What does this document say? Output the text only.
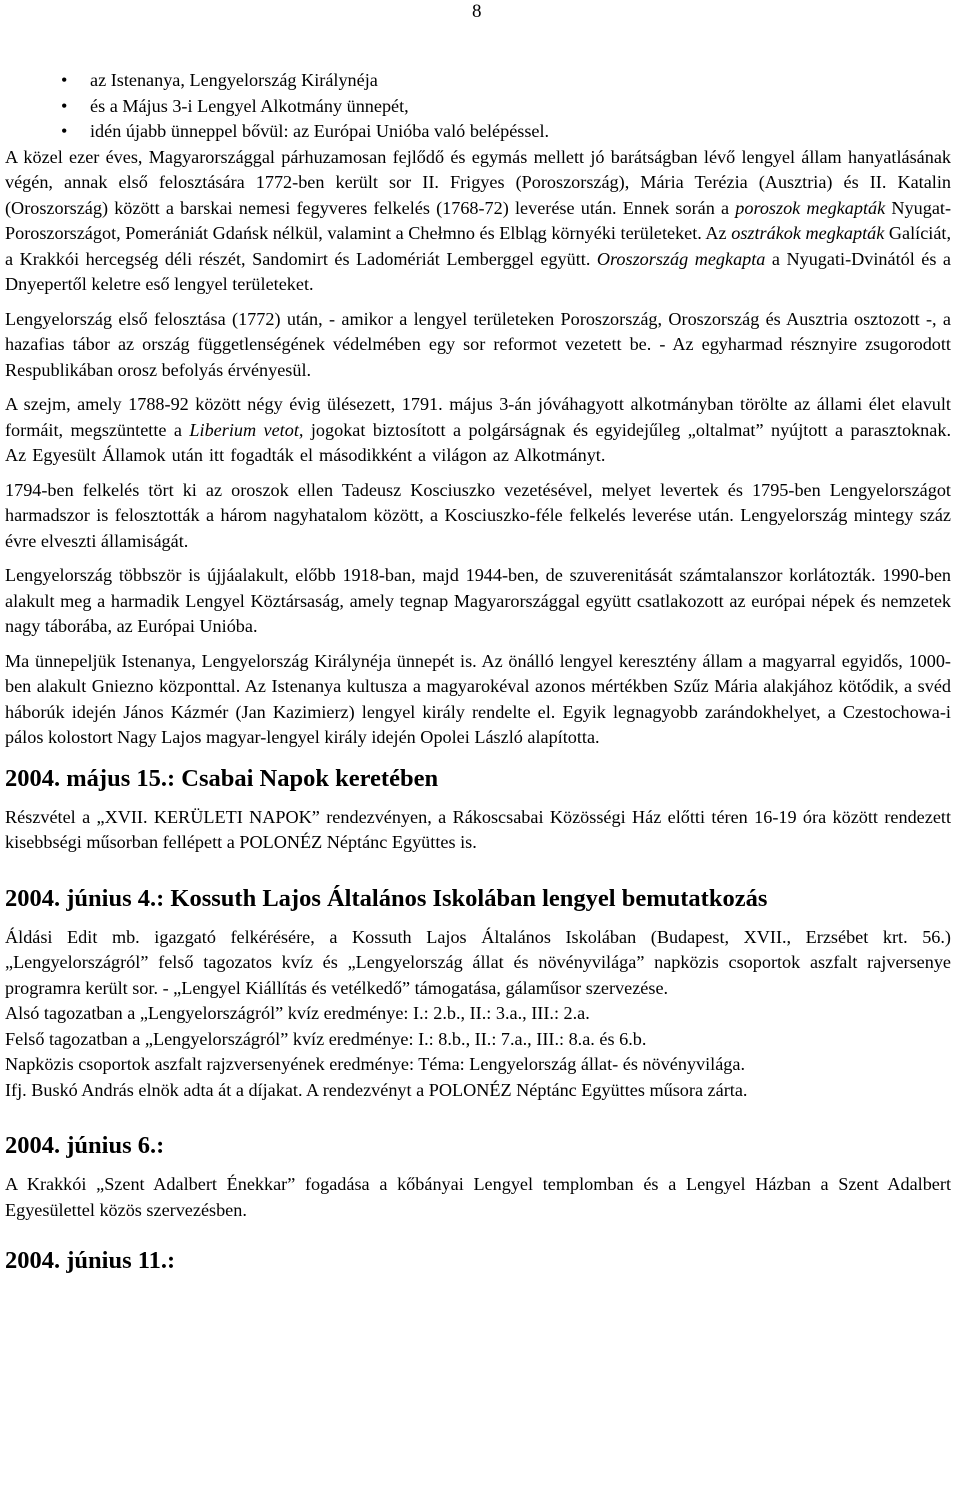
8
• az Istenanya, Lengyelország Királynéja
• és a Május 3-i Lengyel Alkotmány ünnepét,
• idén újabb ünneppel bővül: az Európai Unióba való belépéssel.

A közel ezer éves, Magyarországgal párhuzamosan fejlődő és egymás mellett jó barátságban lévő lengyel állam hanyatlásának végén, annak első felosztására 1772-ben került sor II. Frigyes (Poroszország), Mária Terézia (Ausztria) és II. Katalin (Oroszország) között a barskai nemesi fegyveres felkelés (1768-72) leverése után. Ennek során a poroszok megkapták Nyugat-Poroszországot, Pomerániát Gdańsk nélkül, valamint a Chełmno és Elbląg környéki területeket. Az osztrákok megkapták Galíciát, a Krakkói hercegség déli részét, Sandomirt és Ladomériát Lemberggel együtt. Oroszország megkapta a Nyugati-Dvinától és a Dnyepertől keletre eső lengyel területeket.

Lengyelország első felosztása (1772) után, - amikor a lengyel területeken Poroszország, Oroszország és Ausztria osztozott -, a hazafias tábor az ország függetlenségének védelmében egy sor reformot vezetett be. - Az egyharmad résznyire zsugorodott Respublikában orosz befolyás érvényesül.

A szejm, amely 1788-92 között négy évig ülésezett, 1791. május 3-án jóváhagyott alkotmányban törölte az állami élet elavult formáit, megszüntette a Liberium vetot, jogokat biztosított a polgárságnak és egyidejűleg „oltalmat” nyújtott a parasztoknak. Az Egyesült Államok után itt fogadták el másodikként a világon az Alkotmányt.

1794-ben felkelés tört ki az oroszok ellen Tadeusz Kosciuszko vezetésével, melyet levertek és 1795-ben Lengyelországot harmadszor is felosztották a három nagyhatalom között, a Kosciuszko-féle felkelés leverése után. Lengyelország mintegy száz évre elveszti államiságát.

Lengyelország többször is újjáalakult, előbb 1918-ban, majd 1944-ben, de szuverenitását számtalanszor korlátozták. 1990-ben alakult meg a harmadik Lengyel Köztársaság, amely tegnap Magyarországgal együtt csatlakozott az európai népek és nemzetek nagy táborába, az Európai Unióba.

Ma ünnepeljük Istenanya, Lengyelország Királynéja ünnepét is. Az önálló lengyel keresztény állam a magyarral egyidős, 1000-ben alakult Gniezno központtal. Az Istenanya kultusza a magyarokéval azonos mértékben Szűz Mária alakjához kötődik, a svéd háborúk idején János Kázmér (Jan Kazimierz) lengyel király rendelte el. Egyik legnagyobb zarándokhelyet, a Czestochowa-i pálos kolostort Nagy Lajos magyar-lengyel király idején Opolei László alapította.

2004. május 15.: Csabai Napok keretében

Részvétel a „XVII. KERÜLETI NAPOK” rendezvényen, a Rákoscsabai Közösségi Ház előtti téren 16-19 óra között rendezett kisebbségi műsorban fellépett a POLONÉZ Néptánc Együttes is.

2004. június 4.: Kossuth Lajos Általános Iskolában lengyel bemutatkozás

Áldási Edit mb. igazgató felkérésére, a Kossuth Lajos Általános Iskolában (Budapest, XVII., Erzsébet krt. 56.) „Lengyelországról” felső tagozatos kvíz és „Lengyelország állat és növényvilága” napközis csoportok aszfalt rajversenye programra került sor. - „Lengyel Kiállítás és vetélkedő” támogatása, gálaműsor szervezése.

Alsó tagozatban a „Lengyelországról” kvíz eredménye: I.: 2.b., II.: 3.a., III.: 2.a.

Felső tagozatban a „Lengyelországról” kvíz eredménye: I.: 8.b., II.: 7.a., III.: 8.a. és 6.b.

Napközis csoportok aszfalt rajzversenyének eredménye: Téma: Lengyelország állat- és növényvilága.

Ifj. Buskó András elnök adta át a díjakat. A rendezvényt a POLONÉZ Néptánc Együttes műsora zárta.

2004. június 6.:

A Krakkói „Szent Adalbert Énekkar” fogadása a kőbányai Lengyel templomban és a Lengyel Házban a Szent Adalbert Egyesülettel közös szervezésben.

2004. június 11.:
